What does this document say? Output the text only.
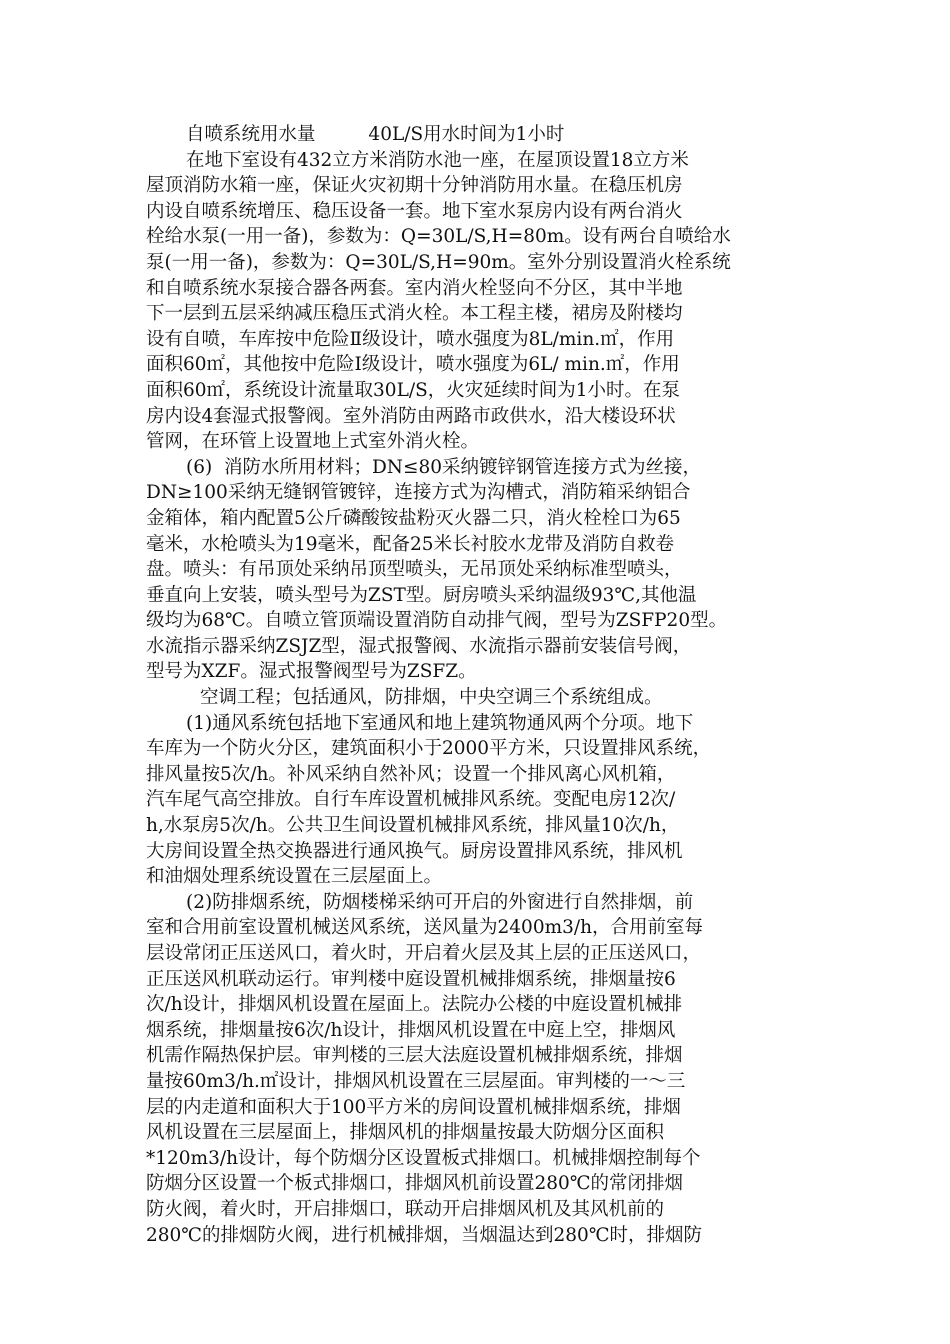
自喷系统用水量         40L/S用水时间为1小时
在地下室设有432立方米消防水池一座，在屋顶设置18立方米
屋顶消防水箱一座，保证火灾初期十分钟消防用水量。在稳压机房
内设自喷系统增压、稳压设备一套。地下室水泵房内设有两台消火
栓给水泵(一用一备)，参数为：Q=30L/S,H=80m。设有两台自喷给水
泵(一用一备)，参数为：Q=30L/S,H=90m。室外分别设置消火栓系统
和自喷系统水泵接合器各两套。室内消火栓竖向不分区，其中半地
下一层到五层采纳减压稳压式消火栓。本工程主楼，裙房及附楼均
设有自喷，车库按中危险Ⅱ级设计，喷水强度为8L/min.㎡，作用
面积60㎡，其他按中危险Ⅰ级设计，喷水强度为6L/ min.㎡，作用
面积60㎡，系统设计流量取30L/S，火灾延续时间为1小时。在泵
房内设4套湿式报警阀。室外消防由两路市政供水，沿大楼设环状
管网，在环管上设置地上式室外消火栓。
(6)  消防水所用材料；DN≤80采纳镀锌钢管连接方式为丝接，
DN≥100采纳无缝钢管镀锌，连接方式为沟槽式，消防箱采纳铝合
金箱体，箱内配置5公斤磷酸铵盐粉灭火器二只，消火栓栓口为65
毫米，水枪喷头为19毫米，配备25米长衬胶水龙带及消防自救卷
盘。喷头：有吊顶处采纳吊顶型喷头，无吊顶处采纳标准型喷头，
垂直向上安装，喷头型号为ZST型。厨房喷头采纳温级93℃,其他温
级均为68℃。自喷立管顶端设置消防自动排气阀，型号为ZSFP20型。
水流指示器采纳ZSJZ型，湿式报警阀、水流指示器前安装信号阀，
型号为XZF。湿式报警阀型号为ZSFZ。
空调工程；包括通风，防排烟，中央空调三个系统组成。
(1)通风系统包括地下室通风和地上建筑物通风两个分项。地下
车库为一个防火分区，建筑面积小于2000平方米，只设置排风系统，
排风量按5次/h。补风采纳自然补风；设置一个排风离心风机箱，
汽车尾气高空排放。自行车库设置机械排风系统。变配电房12次/
h,水泵房5次/h。公共卫生间设置机械排风系统，排风量10次/h，
大房间设置全热交换器进行通风换气。厨房设置排风系统，排风机
和油烟处理系统设置在三层屋面上。
(2)防排烟系统，防烟楼梯采纳可开启的外窗进行自然排烟，前
室和合用前室设置机械送风系统，送风量为2400m3/h，合用前室每
层设常闭正压送风口，着火时，开启着火层及其上层的正压送风口，
正压送风机联动运行。审判楼中庭设置机械排烟系统，排烟量按6
次/h设计，排烟风机设置在屋面上。法院办公楼的中庭设置机械排
烟系统，排烟量按6次/h设计，排烟风机设置在中庭上空，排烟风
机需作隔热保护层。审判楼的三层大法庭设置机械排烟系统，排烟
量按60m3/h.㎡设计，排烟风机设置在三层屋面。审判楼的一～三
层的内走道和面积大于100平方米的房间设置机械排烟系统，排烟
风机设置在三层屋面上，排烟风机的排烟量按最大防烟分区面积
*120m3/h设计，每个防烟分区设置板式排烟口。机械排烟控制每个
防烟分区设置一个板式排烟口，排烟风机前设置280℃的常闭排烟
防火阀，着火时，开启排烟口，联动开启排烟风机及其风机前的
280℃的排烟防火阀，进行机械排烟，当烟温达到280℃时，排烟防
